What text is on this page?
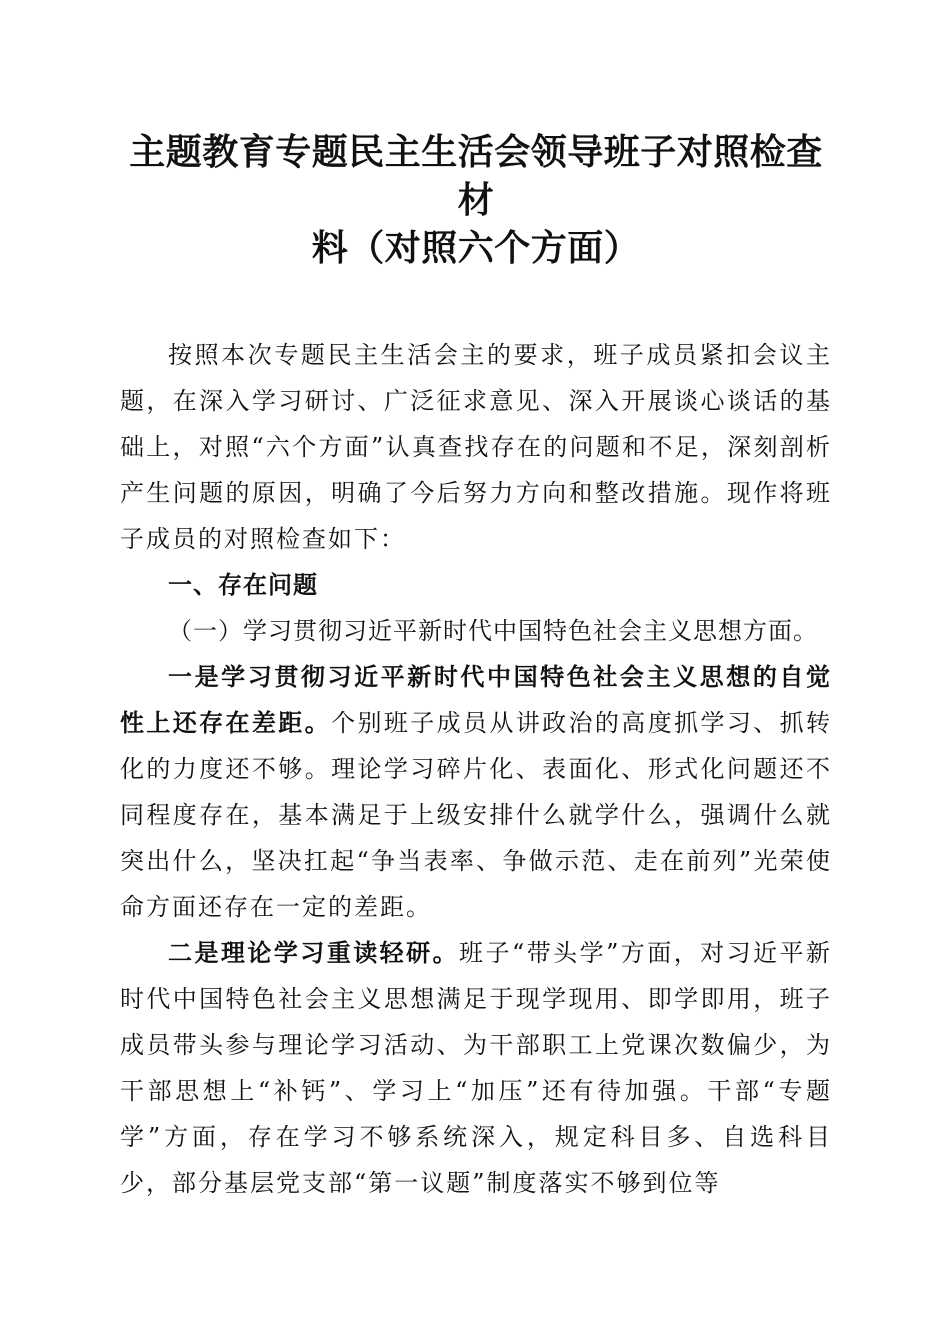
主题教育专题民主生活会领导班子对照检查材
料（对照六个方面）

按照本次专题民主生活会主的要求，班子成员紧扣会议主题，在深入学习研讨、广泛征求意见、深入开展谈心谈话的基础上，对照“六个方面”认真查找存在的问题和不足，深刻剖析产生问题的原因，明确了今后努力方向和整改措施。现作将班子成员的对照检查如下：

一、存在问题

（一）学习贯彻习近平新时代中国特色社会主义思想方面。

一是学习贯彻习近平新时代中国特色社会主义思想的自觉性上还存在差距。个别班子成员从讲政治的高度抓学习、抓转化的力度还不够。理论学习碎片化、表面化、形式化问题还不同程度存在，基本满足于上级安排什么就学什么，强调什么就突出什么，坚决扛起“争当表率、争做示范、走在前列”光荣使命方面还存在一定的差距。

二是理论学习重读轻研。班子“带头学”方面，对习近平新时代中国特色社会主义思想满足于现学现用、即学即用，班子成员带头参与理论学习活动、为干部职工上党课次数偏少，为干部思想上“补钙”、学习上“加压”还有待加强。干部“专题学”方面，存在学习不够系统深入，规定科目多、自选科目少，部分基层党支部“第一议题”制度落实不够到位等
